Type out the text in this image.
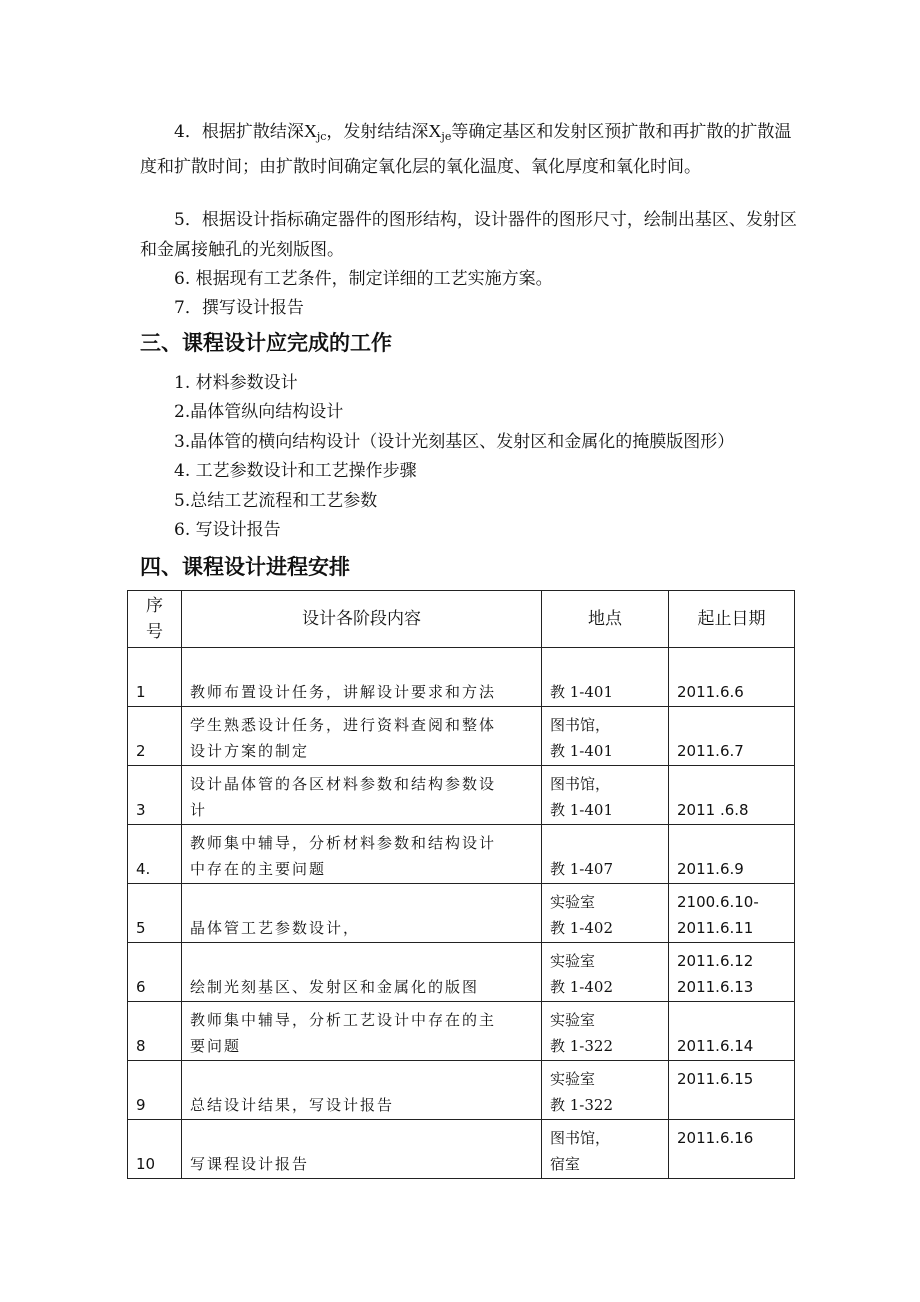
4．根据扩散结深$X_{jc}$，发射结结深$X_{je}$等确定基区和发射区预扩散和再扩散的扩散温度和扩散时间；由扩散时间确定氧化层的氧化温度、氧化厚度和氧化时间。
5．根据设计指标确定器件的图形结构，设计器件的图形尺寸，绘制出基区、发射区和金属接触孔的光刻版图。
6. 根据现有工艺条件，制定详细的工艺实施方案。
7．撰写设计报告
三、课程设计应完成的工作
1. 材料参数设计
2.晶体管纵向结构设计
3.晶体管的横向结构设计（设计光刻基区、发射区和金属化的掩膜版图形）
4. 工艺参数设计和工艺操作步骤
5.总结工艺流程和工艺参数
6. 写设计报告
四、课程设计进程安排
序
号	设计各阶段内容	地点	起止日期
1	教师布置设计任务，讲解设计要求和方法	教 1-401	2011.6.6

2	学生熟悉设计任务，进行资料查阅和整体
设计方案的制定	图书馆，
教 1-401	2011.6.7

3	设计晶体管的各区材料参数和结构参数设
计	图书馆，
教 1-401	2011 .6.8

4.	教师集中辅导，分析材料参数和结构设计
中存在的主要问题	教 1-407	2011.6.9

5	晶体管工艺参数设计，	实验室
教 1-402	2100.6.10-
2011.6.11

6	绘制光刻基区、发射区和金属化的版图	实验室
教 1-402	2011.6.12
2011.6.13

8	教师集中辅导，分析工艺设计中存在的主
要问题	实验室
教 1-322	2011.6.14

9	总结设计结果，写设计报告	实验室
教 1-322	2011.6.15

10	写课程设计报告	图书馆，
宿室	2011.6.16
